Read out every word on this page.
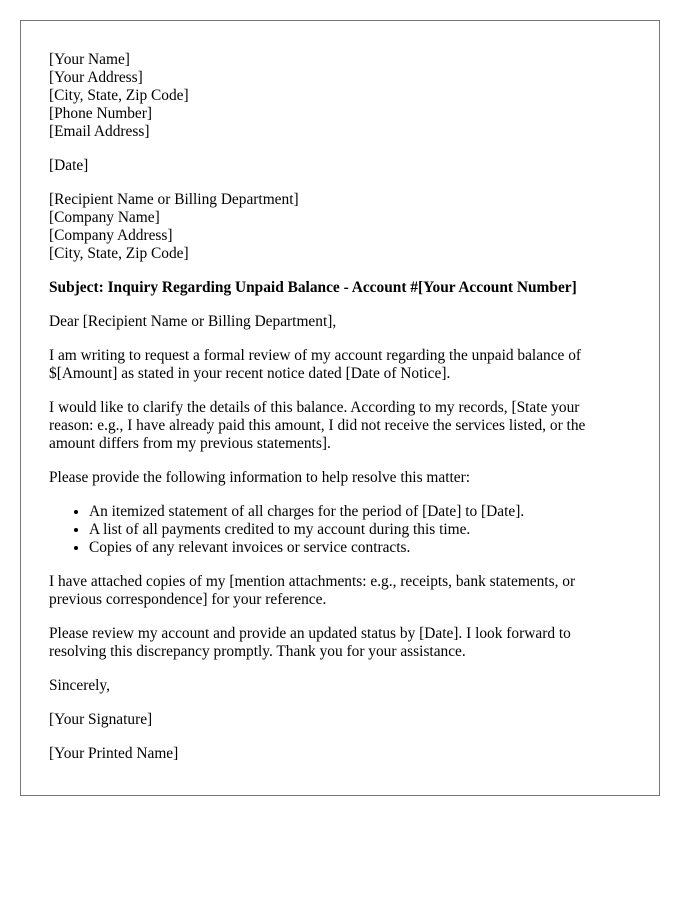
[Your Name]
[Your Address]
[City, State, Zip Code]
[Phone Number]
[Email Address]
[Date]
[Recipient Name or Billing Department]
[Company Name]
[Company Address]
[City, State, Zip Code]

Subject: Inquiry Regarding Unpaid Balance - Account #[Your Account Number]

Dear [Recipient Name or Billing Department],

I am writing to request a formal review of my account regarding the unpaid balance of
$[Amount] as stated in your recent notice dated [Date of Notice].

I would like to clarify the details of this balance. According to my records, [State your
reason: e.g., I have already paid this amount, I did not receive the services listed, or the
amount differs from my previous statements].

Please provide the following information to help resolve this matter:

• An itemized statement of all charges for the period of [Date] to [Date].
• A list of all payments credited to my account during this time.
• Copies of any relevant invoices or service contracts.

I have attached copies of my [mention attachments: e.g., receipts, bank statements, or
previous correspondence] for your reference.

Please review my account and provide an updated status by [Date]. I look forward to
resolving this discrepancy promptly. Thank you for your assistance.

Sincerely,

[Your Signature]

[Your Printed Name]
